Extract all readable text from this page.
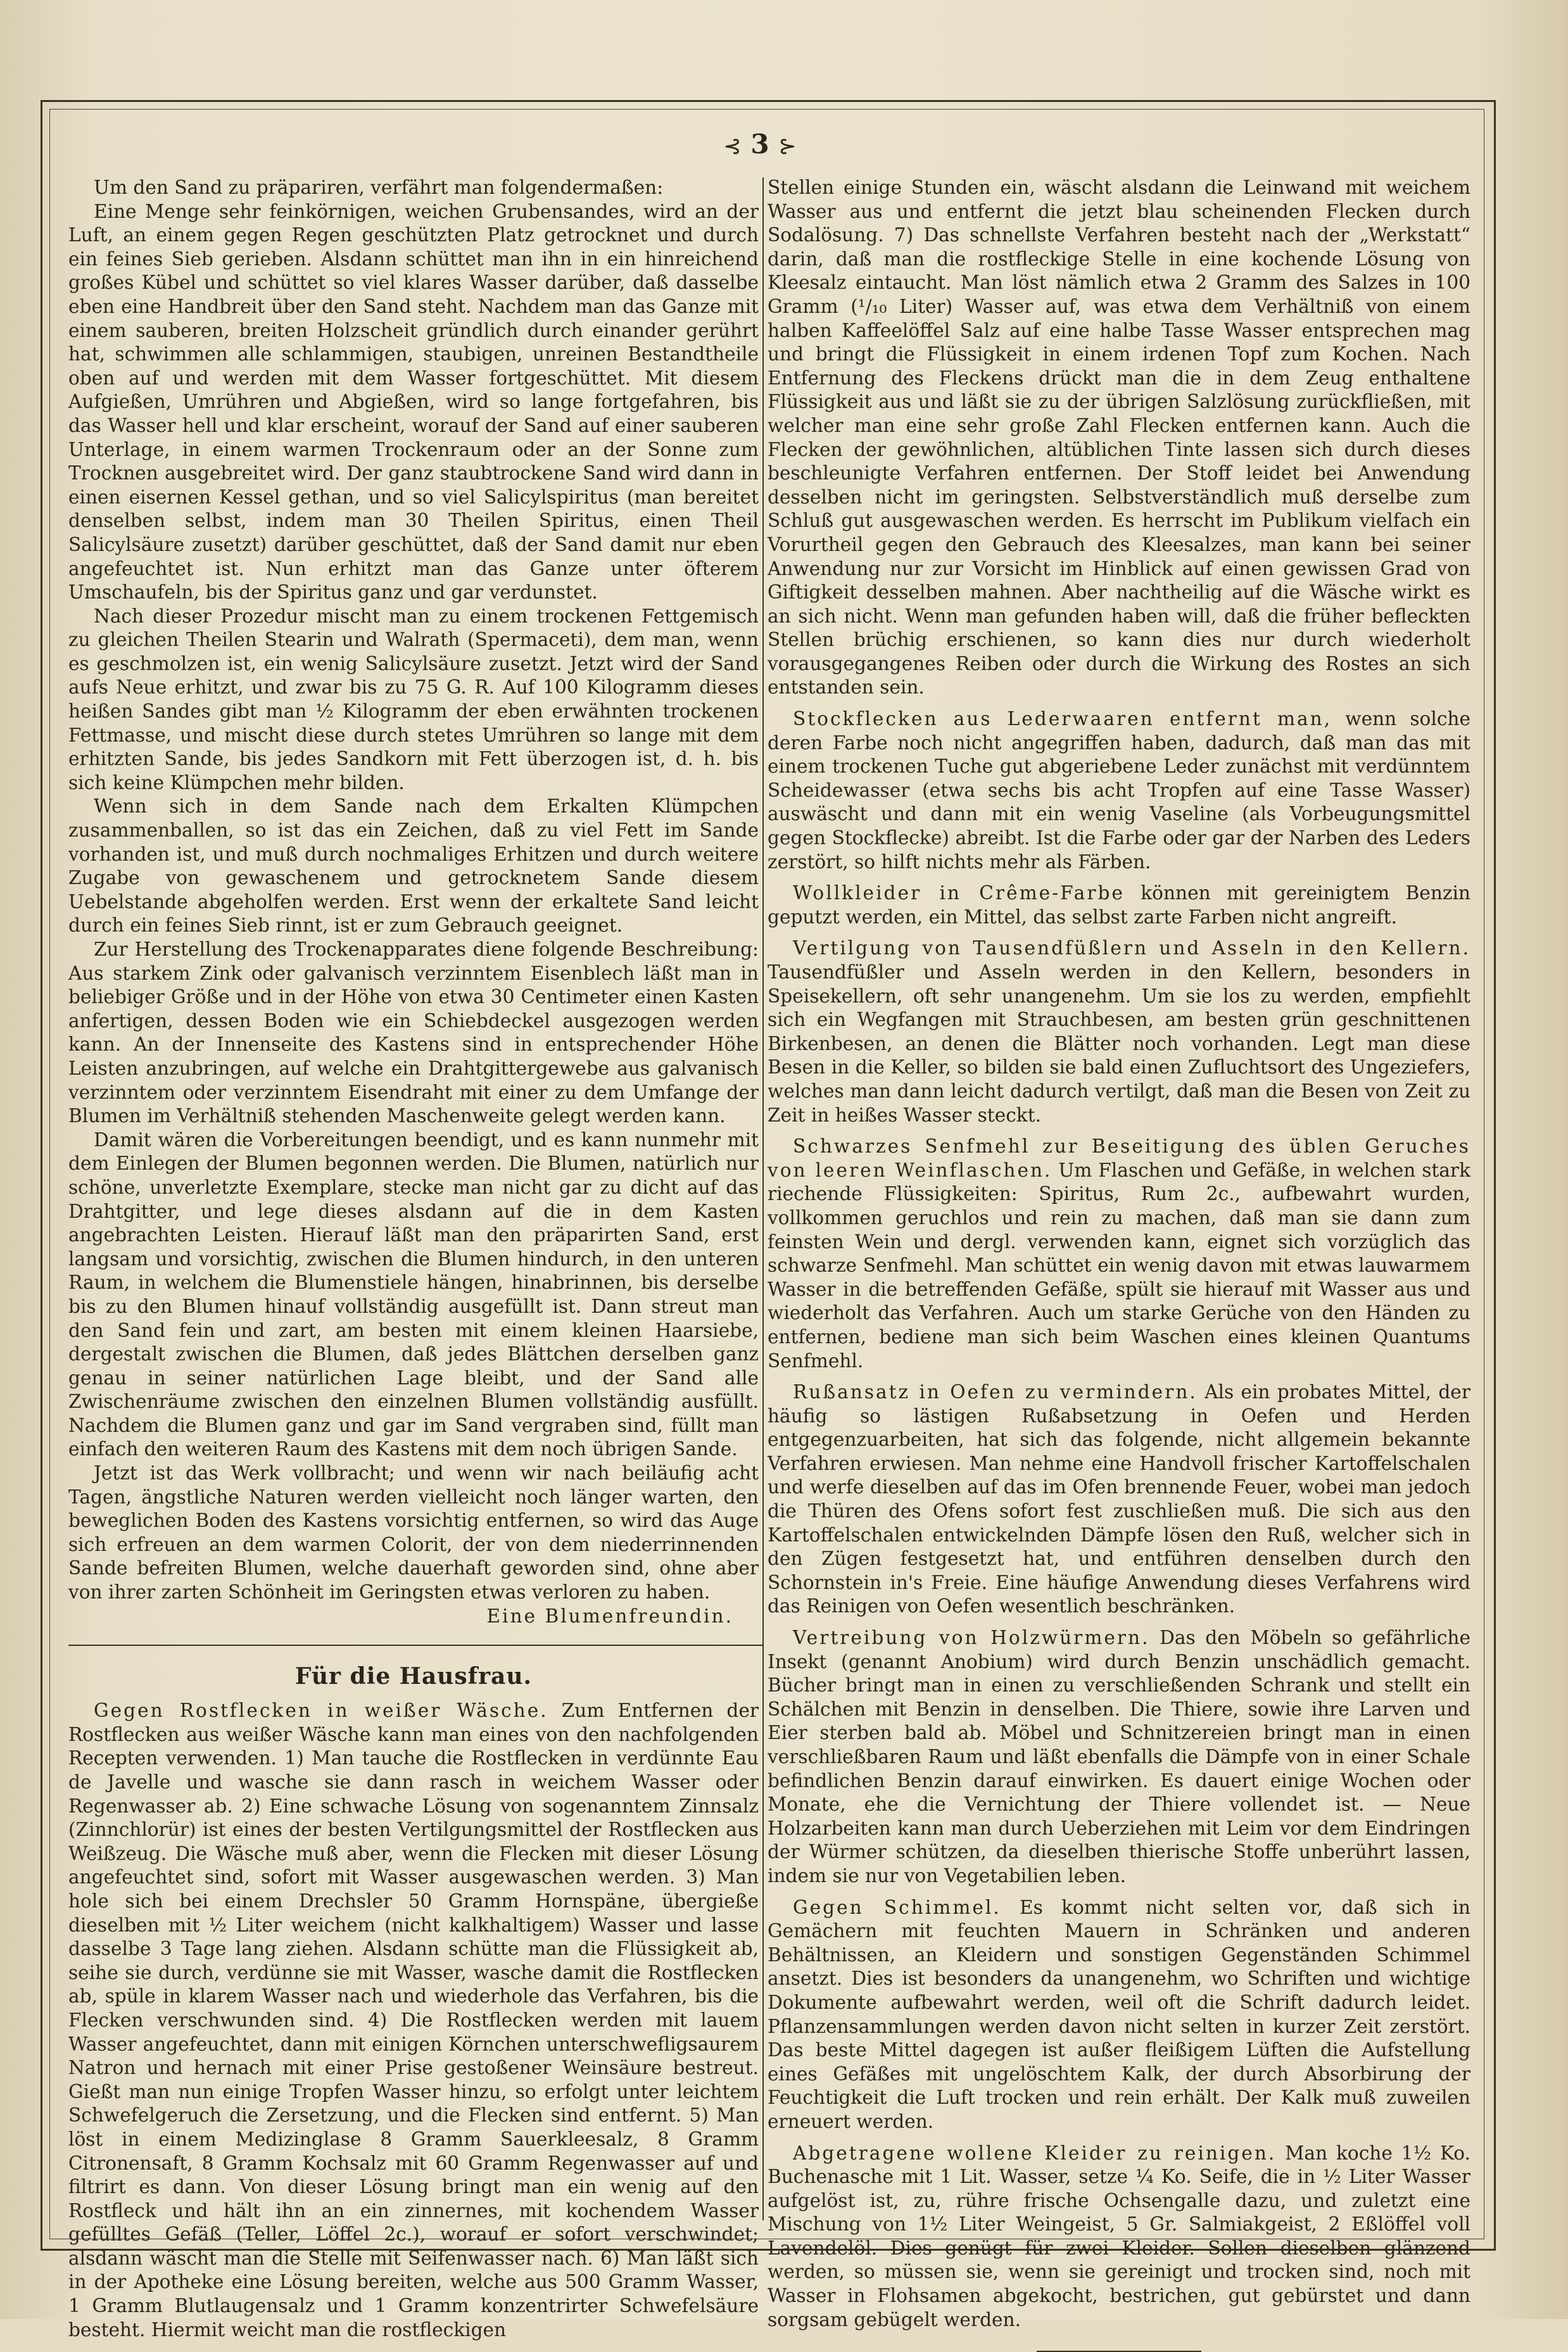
⊰ 3 ⊱

Um den Sand zu präpariren, verfährt man folgendermaßen:

Eine Menge sehr feinkörnigen, weichen Grubensandes, wird an der Luft, an einem gegen Regen geschützten Platz getrocknet und durch ein feines Sieb gerieben. Alsdann schüttet man ihn in ein hinreichend großes Kübel und schüttet so viel klares Wasser darüber, daß dasselbe eben eine Handbreit über den Sand steht. Nachdem man das Ganze mit einem sauberen, breiten Holzscheit gründlich durch einander gerührt hat, schwimmen alle schlammigen, staubigen, unreinen Bestandtheile oben auf und werden mit dem Wasser fortgeschüttet. Mit diesem Aufgießen, Umrühren und Abgießen, wird so lange fortgefahren, bis das Wasser hell und klar erscheint, worauf der Sand auf einer sauberen Unterlage, in einem warmen Trockenraum oder an der Sonne zum Trocknen ausgebreitet wird. Der ganz staubtrockene Sand wird dann in einen eisernen Kessel gethan, und so viel Salicylspiritus (man bereitet denselben selbst, indem man 30 Theilen Spiritus, einen Theil Salicylsäure zusetzt) darüber geschüttet, daß der Sand damit nur eben angefeuchtet ist. Nun erhitzt man das Ganze unter öfterem Umschaufeln, bis der Spiritus ganz und gar verdunstet.

Nach dieser Prozedur mischt man zu einem trockenen Fettgemisch zu gleichen Theilen Stearin und Walrath (Spermaceti), dem man, wenn es geschmolzen ist, ein wenig Salicylsäure zusetzt. Jetzt wird der Sand aufs Neue erhitzt, und zwar bis zu 75 G. R. Auf 100 Kilogramm dieses heißen Sandes gibt man ½ Kilogramm der eben erwähnten trockenen Fettmasse, und mischt diese durch stetes Umrühren so lange mit dem erhitzten Sande, bis jedes Sandkorn mit Fett überzogen ist, d. h. bis sich keine Klümpchen mehr bilden.

Wenn sich in dem Sande nach dem Erkalten Klümpchen zusammenballen, so ist das ein Zeichen, daß zu viel Fett im Sande vorhanden ist, und muß durch nochmaliges Erhitzen und durch weitere Zugabe von gewaschenem und getrocknetem Sande diesem Uebelstande abgeholfen werden. Erst wenn der erkaltete Sand leicht durch ein feines Sieb rinnt, ist er zum Gebrauch geeignet.

Zur Herstellung des Trockenapparates diene folgende Beschreibung: Aus starkem Zink oder galvanisch verzinntem Eisenblech läßt man in beliebiger Größe und in der Höhe von etwa 30 Centimeter einen Kasten anfertigen, dessen Boden wie ein Schiebdeckel ausgezogen werden kann. An der Innenseite des Kastens sind in entsprechender Höhe Leisten anzubringen, auf welche ein Drahtgittergewebe aus galvanisch verzinntem oder verzinntem Eisendraht mit einer zu dem Umfange der Blumen im Verhältniß stehenden Maschenweite gelegt werden kann.

Damit wären die Vorbereitungen beendigt, und es kann nunmehr mit dem Einlegen der Blumen begonnen werden. Die Blumen, natürlich nur schöne, unverletzte Exemplare, stecke man nicht gar zu dicht auf das Drahtgitter, und lege dieses alsdann auf die in dem Kasten angebrachten Leisten. Hierauf läßt man den präparirten Sand, erst langsam und vorsichtig, zwischen die Blumen hindurch, in den unteren Raum, in welchem die Blumenstiele hängen, hinabrinnen, bis derselbe bis zu den Blumen hinauf vollständig ausgefüllt ist. Dann streut man den Sand fein und zart, am besten mit einem kleinen Haarsiebe, dergestalt zwischen die Blumen, daß jedes Blättchen derselben ganz genau in seiner natürlichen Lage bleibt, und der Sand alle Zwischenräume zwischen den einzelnen Blumen vollständig ausfüllt. Nachdem die Blumen ganz und gar im Sand vergraben sind, füllt man einfach den weiteren Raum des Kastens mit dem noch übrigen Sande.

Jetzt ist das Werk vollbracht; und wenn wir nach beiläufig acht Tagen, ängstliche Naturen werden vielleicht noch länger warten, den beweglichen Boden des Kastens vorsichtig entfernen, so wird das Auge sich erfreuen an dem warmen Colorit, der von dem niederrinnenden Sande befreiten Blumen, welche dauerhaft geworden sind, ohne aber von ihrer zarten Schönheit im Geringsten etwas verloren zu haben.

Eine Blumenfreundin.

Für die Hausfrau.

Gegen Rostflecken in weißer Wäsche. Zum Entfernen der Rostflecken aus weißer Wäsche kann man eines von den nachfolgenden Recepten verwenden. 1) Man tauche die Rostflecken in verdünnte Eau de Javelle und wasche sie dann rasch in weichem Wasser oder Regenwasser ab. 2) Eine schwache Lösung von sogenanntem Zinnsalz (Zinnchlorür) ist eines der besten Vertilgungsmittel der Rostflecken aus Weißzeug. Die Wäsche muß aber, wenn die Flecken mit dieser Lösung angefeuchtet sind, sofort mit Wasser ausgewaschen werden. 3) Man hole sich bei einem Drechsler 50 Gramm Hornspäne, übergieße dieselben mit ½ Liter weichem (nicht kalkhaltigem) Wasser und lasse dasselbe 3 Tage lang ziehen. Alsdann schütte man die Flüssigkeit ab, seihe sie durch, verdünne sie mit Wasser, wasche damit die Rostflecken ab, spüle in klarem Wasser nach und wiederhole das Verfahren, bis die Flecken verschwunden sind. 4) Die Rostflecken werden mit lauem Wasser angefeuchtet, dann mit einigen Körnchen unterschwefligsaurem Natron und hernach mit einer Prise gestoßener Weinsäure bestreut. Gießt man nun einige Tropfen Wasser hinzu, so erfolgt unter leichtem Schwefelgeruch die Zersetzung, und die Flecken sind entfernt. 5) Man löst in einem Medizinglase 8 Gramm Sauerkleesalz, 8 Gramm Citronensaft, 8 Gramm Kochsalz mit 60 Gramm Regenwasser auf und filtrirt es dann. Von dieser Lösung bringt man ein wenig auf den Rostfleck und hält ihn an ein zinnernes, mit kochendem Wasser gefülltes Gefäß (Teller, Löffel 2c.), worauf er sofort verschwindet; alsdann wäscht man die Stelle mit Seifenwasser nach. 6) Man läßt sich in der Apotheke eine Lösung bereiten, welche aus 500 Gramm Wasser, 1 Gramm Blutlaugensalz und 1 Gramm konzentrirter Schwefelsäure besteht. Hiermit weicht man die rostfleckigen

Stellen einige Stunden ein, wäscht alsdann die Leinwand mit weichem Wasser aus und entfernt die jetzt blau scheinenden Flecken durch Sodalösung. 7) Das schnellste Verfahren besteht nach der „Werkstatt“ darin, daß man die rostfleckige Stelle in eine kochende Lösung von Kleesalz eintaucht. Man löst nämlich etwa 2 Gramm des Salzes in 100 Gramm (¹/₁₀ Liter) Wasser auf, was etwa dem Verhältniß von einem halben Kaffeelöffel Salz auf eine halbe Tasse Wasser entsprechen mag und bringt die Flüssigkeit in einem irdenen Topf zum Kochen. Nach Entfernung des Fleckens drückt man die in dem Zeug enthaltene Flüssigkeit aus und läßt sie zu der übrigen Salzlösung zurückfließen, mit welcher man eine sehr große Zahl Flecken entfernen kann. Auch die Flecken der gewöhnlichen, altüblichen Tinte lassen sich durch dieses beschleunigte Verfahren entfernen. Der Stoff leidet bei Anwendung desselben nicht im geringsten. Selbstverständlich muß derselbe zum Schluß gut ausgewaschen werden. Es herrscht im Publikum vielfach ein Vorurtheil gegen den Gebrauch des Kleesalzes, man kann bei seiner Anwendung nur zur Vorsicht im Hinblick auf einen gewissen Grad von Giftigkeit desselben mahnen. Aber nachtheilig auf die Wäsche wirkt es an sich nicht. Wenn man gefunden haben will, daß die früher befleckten Stellen brüchig erschienen, so kann dies nur durch wiederholt vorausgegangenes Reiben oder durch die Wirkung des Rostes an sich entstanden sein.

Stockflecken aus Lederwaaren entfernt man, wenn solche deren Farbe noch nicht angegriffen haben, dadurch, daß man das mit einem trockenen Tuche gut abgeriebene Leder zunächst mit verdünntem Scheidewasser (etwa sechs bis acht Tropfen auf eine Tasse Wasser) auswäscht und dann mit ein wenig Vaseline (als Vorbeugungsmittel gegen Stockflecke) abreibt. Ist die Farbe oder gar der Narben des Leders zerstört, so hilft nichts mehr als Färben.

Wollkleider in Crême-Farbe können mit gereinigtem Benzin geputzt werden, ein Mittel, das selbst zarte Farben nicht angreift.

Vertilgung von Tausendfüßlern und Asseln in den Kellern. Tausendfüßler und Asseln werden in den Kellern, besonders in Speisekellern, oft sehr unangenehm. Um sie los zu werden, empfiehlt sich ein Wegfangen mit Strauchbesen, am besten grün geschnittenen Birkenbesen, an denen die Blätter noch vorhanden. Legt man diese Besen in die Keller, so bilden sie bald einen Zufluchtsort des Ungeziefers, welches man dann leicht dadurch vertilgt, daß man die Besen von Zeit zu Zeit in heißes Wasser steckt.

Schwarzes Senfmehl zur Beseitigung des üblen Geruches von leeren Weinflaschen. Um Flaschen und Gefäße, in welchen stark riechende Flüssigkeiten: Spiritus, Rum 2c., aufbewahrt wurden, vollkommen geruchlos und rein zu machen, daß man sie dann zum feinsten Wein und dergl. verwenden kann, eignet sich vorzüglich das schwarze Senfmehl. Man schüttet ein wenig davon mit etwas lauwarmem Wasser in die betreffenden Gefäße, spült sie hierauf mit Wasser aus und wiederholt das Verfahren. Auch um starke Gerüche von den Händen zu entfernen, bediene man sich beim Waschen eines kleinen Quantums Senfmehl.

Rußansatz in Oefen zu vermindern. Als ein probates Mittel, der häufig so lästigen Rußabsetzung in Oefen und Herden entgegenzuarbeiten, hat sich das folgende, nicht allgemein bekannte Verfahren erwiesen. Man nehme eine Handvoll frischer Kartoffelschalen und werfe dieselben auf das im Ofen brennende Feuer, wobei man jedoch die Thüren des Ofens sofort fest zuschließen muß. Die sich aus den Kartoffelschalen entwickelnden Dämpfe lösen den Ruß, welcher sich in den Zügen festgesetzt hat, und entführen denselben durch den Schornstein in's Freie. Eine häufige Anwendung dieses Verfahrens wird das Reinigen von Oefen wesentlich beschränken.

Vertreibung von Holzwürmern. Das den Möbeln so gefährliche Insekt (genannt Anobium) wird durch Benzin unschädlich gemacht. Bücher bringt man in einen zu verschließenden Schrank und stellt ein Schälchen mit Benzin in denselben. Die Thiere, sowie ihre Larven und Eier sterben bald ab. Möbel und Schnitzereien bringt man in einen verschließbaren Raum und läßt ebenfalls die Dämpfe von in einer Schale befindlichen Benzin darauf einwirken. Es dauert einige Wochen oder Monate, ehe die Vernichtung der Thiere vollendet ist. — Neue Holzarbeiten kann man durch Ueberziehen mit Leim vor dem Eindringen der Würmer schützen, da dieselben thierische Stoffe unberührt lassen, indem sie nur von Vegetabilien leben.

Gegen Schimmel. Es kommt nicht selten vor, daß sich in Gemächern mit feuchten Mauern in Schränken und anderen Behältnissen, an Kleidern und sonstigen Gegenständen Schimmel ansetzt. Dies ist besonders da unangenehm, wo Schriften und wichtige Dokumente aufbewahrt werden, weil oft die Schrift dadurch leidet. Pflanzensammlungen werden davon nicht selten in kurzer Zeit zerstört. Das beste Mittel dagegen ist außer fleißigem Lüften die Aufstellung eines Gefäßes mit ungelöschtem Kalk, der durch Absorbirung der Feuchtigkeit die Luft trocken und rein erhält. Der Kalk muß zuweilen erneuert werden.

Abgetragene wollene Kleider zu reinigen. Man koche 1½ Ko. Buchenasche mit 1 Lit. Wasser, setze ¼ Ko. Seife, die in ½ Liter Wasser aufgelöst ist, zu, rühre frische Ochsengalle dazu, und zuletzt eine Mischung von 1½ Liter Weingeist, 5 Gr. Salmiakgeist, 2 Eßlöffel voll Lavendelöl. Dies genügt für zwei Kleider. Sollen dieselben glänzend werden, so müssen sie, wenn sie gereinigt und trocken sind, noch mit Wasser in Flohsamen abgekocht, bestrichen, gut gebürstet und dann sorgsam gebügelt werden.
